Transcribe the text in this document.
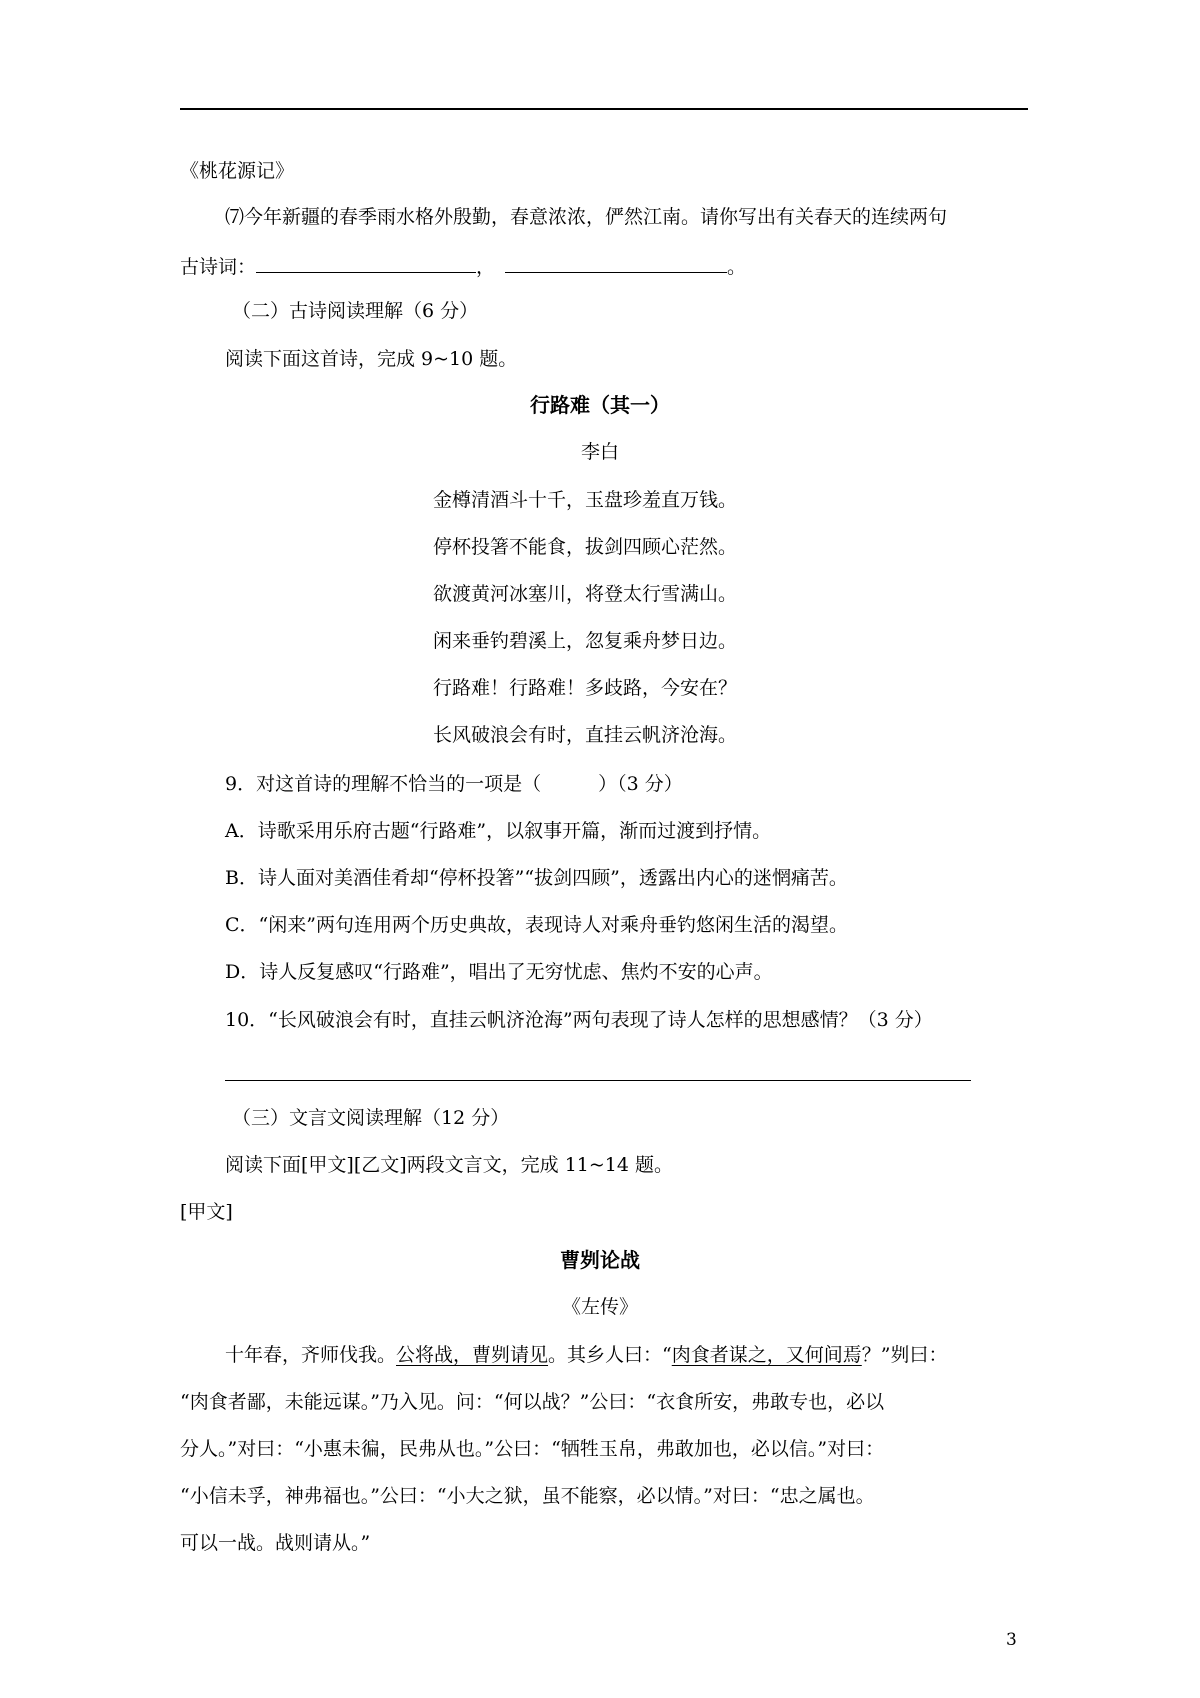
《桃花源记》
⑺今年新疆的春季雨水格外殷勤，春意浓浓，俨然江南。请你写出有关春天的连续两句
古诗词：	，	。
（二）古诗阅读理解（6 分）
阅读下面这首诗，完成 9~10 题。
行路难（其一）
李白
金樽清酒斗十千，玉盘珍羞直万钱。
停杯投箸不能食，拔剑四顾心茫然。
欲渡黄河冰塞川，将登太行雪满山。
闲来垂钓碧溪上，忽复乘舟梦日边。
行路难！行路难！多歧路，今安在？
长风破浪会有时，直挂云帆济沧海。
9．对这首诗的理解不恰当的一项是（　　　）（3 分）
A．诗歌采用乐府古题“行路难”，以叙事开篇，渐而过渡到抒情。
B．诗人面对美酒佳肴却“停杯投箸”“拔剑四顾”，透露出内心的迷惘痛苦。
C．“闲来”两句连用两个历史典故，表现诗人对乘舟垂钓悠闲生活的渴望。
D．诗人反复感叹“行路难”，唱出了无穷忧虑、焦灼不安的心声。
10．“长风破浪会有时，直挂云帆济沧海”两句表现了诗人怎样的思想感情？（3 分）
（三）文言文阅读理解（12 分）
阅读下面[甲文][乙文]两段文言文，完成 11~14 题。
[甲文]
曹刿论战
《左传》
十年春，齐师伐我。公将战，曹刿请见。其乡人曰：“肉食者谋之，又何间焉？”刿曰：
“肉食者鄙，未能远谋。”乃入见。问：“何以战？”公曰：“衣食所安，弗敢专也，必以
分人。”对曰：“小惠未徧，民弗从也。”公曰：“牺牲玉帛，弗敢加也，必以信。”对曰：
“小信未孚，神弗福也。”公曰：“小大之狱，虽不能察，必以情。”对曰：“忠之属也。
可以一战。战则请从。”
3
